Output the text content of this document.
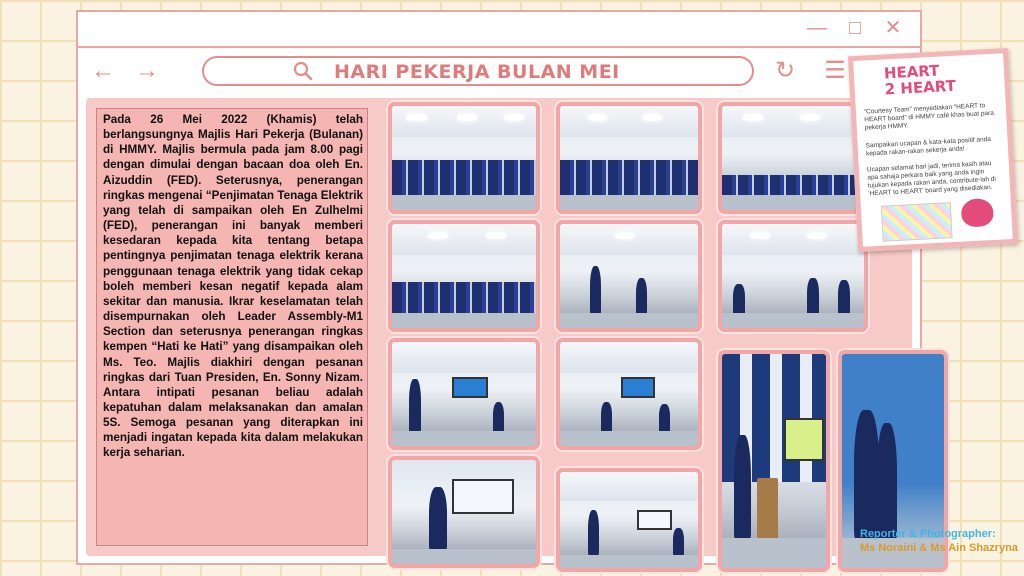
— □ ✕
← →	HARI PEKERJA BULAN MEI	↻ ☰
Pada 26 Mei 2022 (Khamis) telah berlangsungnya Majlis Hari Pekerja (Bulanan) di HMMY. Majlis bermula pada jam 8.00 pagi dengan dimulai dengan bacaan doa oleh En. Aizuddin (FED). Seterusnya, penerangan ringkas mengenai “Penjimatan Tenaga Elektrik yang telah di sampaikan oleh En Zulhelmi (FED), penerangan ini banyak memberi kesedaran kepada kita tentang betapa pentingnya penjimatan tenaga elektrik kerana penggunaan tenaga elektrik yang tidak cekap boleh memberi kesan negatif kepada alam sekitar dan manusia. Ikrar keselamatan telah disempurnakan oleh Leader Assembly-M1 Section dan seterusnya penerangan ringkas kempen “Hati ke Hati” yang disampaikan oleh Ms. Teo. Majlis diakhiri dengan pesanan ringkas dari Tuan Presiden, En. Sonny Nizam. Antara intipati pesanan beliau adalah kepatuhan dalam melaksanakan dan amalan 5S. Semoga pesanan yang diterapkan ini menjadi ingatan kepada kita dalam melakukan kerja seharian.
HEART
2 HEART
“Courtesy Team” menyediakan “HEART to HEART board” di HMMY café khas buat para pekerja HMMY.
Sampaikan ucapan & kata-kata positif anda kepada rakan-rakan sekerja anda!
Ucapan selamat hari jadi, terima kasih atau apa sahaja perkara baik yang anda ingin tujukan kepada rakan anda, contribute-lah di ‘HEART to HEART’ board yang disediakan.
Reporter & Photographer:
Ms Noraini & Ms Ain Shazryna
